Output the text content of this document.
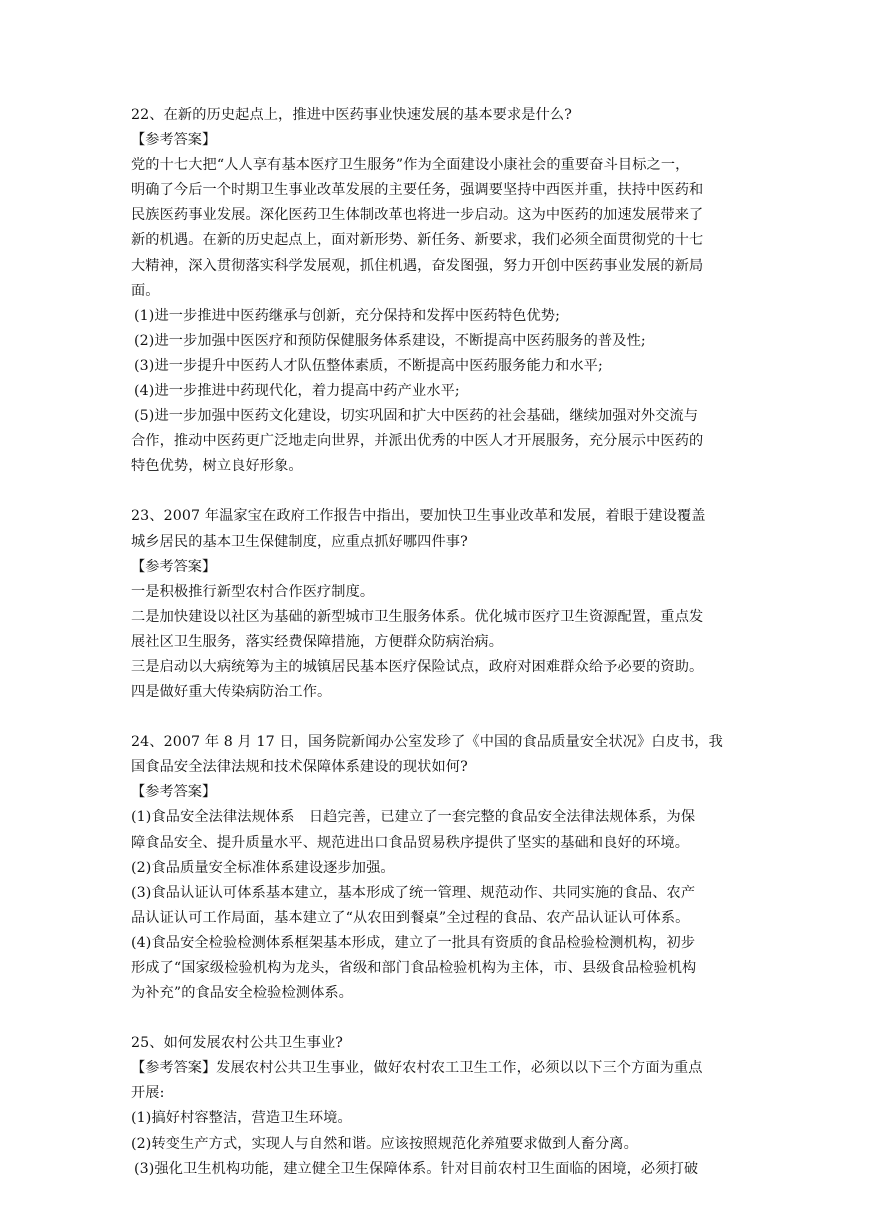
22、在新的历史起点上，推进中医药事业快速发展的基本要求是什么?
【参考答案】
党的十七大把“人人享有基本医疗卫生服务”作为全面建设小康社会的重要奋斗目标之一，
明确了今后一个时期卫生事业改革发展的主要任务，强调要坚持中西医并重，扶持中医药和
民族医药事业发展。深化医药卫生体制改革也将进一步启动。这为中医药的加速发展带来了
新的机遇。在新的历史起点上，面对新形势、新任务、新要求，我们必须全面贯彻党的十七
大精神，深入贯彻落实科学发展观，抓住机遇，奋发图强，努力开创中医药事业发展的新局
面。
(1)进一步推进中医药继承与创新，充分保持和发挥中医药特色优势;
(2)进一步加强中医医疗和预防保健服务体系建设，不断提高中医药服务的普及性;
(3)进一步提升中医药人才队伍整体素质，不断提高中医药服务能力和水平;
(4)进一步推进中药现代化，着力提高中药产业水平;
(5)进一步加强中医药文化建设，切实巩固和扩大中医药的社会基础，继续加强对外交流与
合作，推动中医药更广泛地走向世界，并派出优秀的中医人才开展服务，充分展示中医药的
特色优势，树立良好形象。
23、2007 年温家宝在政府工作报告中指出，要加快卫生事业改革和发展，着眼于建设覆盖
城乡居民的基本卫生保健制度，应重点抓好哪四件事?
【参考答案】
一是积极推行新型农村合作医疗制度。
二是加快建设以社区为基础的新型城市卫生服务体系。优化城市医疗卫生资源配置，重点发
展社区卫生服务，落实经费保障措施，方便群众防病治病。
三是启动以大病统筹为主的城镇居民基本医疗保险试点，政府对困难群众给予必要的资助。
四是做好重大传染病防治工作。
24、2007 年 8 月 17 日，国务院新闻办公室发珍了《中国的食品质量安全状况》白皮书，我
国食品安全法律法规和技术保障体系建设的现状如何?
【参考答案】
(1)食品安全法律法规体系　日趋完善，已建立了一套完整的食品安全法律法规体系，为保
障食品安全、提升质量水平、规范进出口食品贸易秩序提供了坚实的基础和良好的环境。
(2)食品质量安全标准体系建设逐步加强。
(3)食品认证认可体系基本建立，基本形成了统一管理、规范动作、共同实施的食品、农产
品认证认可工作局面，基本建立了“从农田到餐桌”全过程的食品、农产品认证认可体系。
(4)食品安全检验检测体系框架基本形成，建立了一批具有资质的食品检验检测机构，初步
形成了“国家级检验机构为龙头，省级和部门食品检验机构为主体，市、县级食品检验机构
为补充”的食品安全检验检测体系。
25、如何发展农村公共卫生事业?
【参考答案】发展农村公共卫生事业，做好农村农工卫生工作，必须以以下三个方面为重点
开展:
(1)搞好村容整洁，营造卫生环境。
(2)转变生产方式，实现人与自然和谐。应该按照规范化养殖要求做到人畜分离。
(3)强化卫生机构功能，建立健全卫生保障体系。针对目前农村卫生面临的困境，必须打破
